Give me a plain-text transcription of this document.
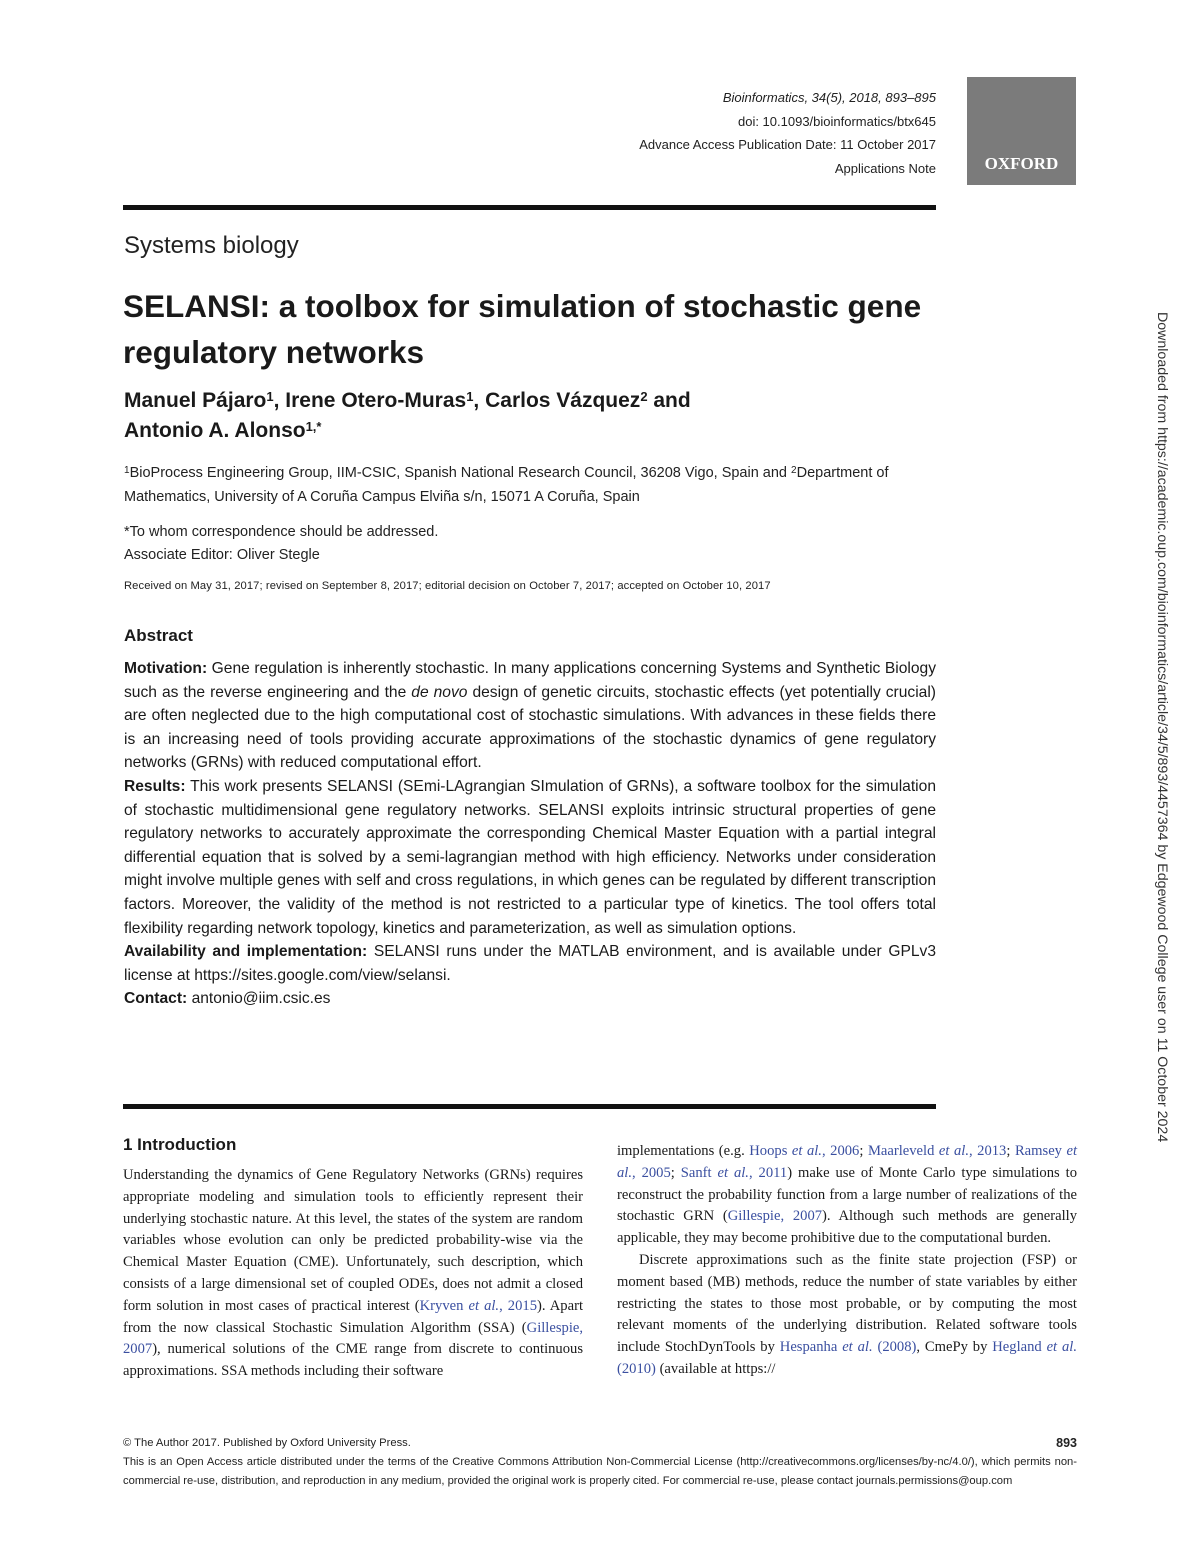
Bioinformatics, 34(5), 2018, 893–895
doi: 10.1093/bioinformatics/btx645
Advance Access Publication Date: 11 October 2017
Applications Note	OXFORD
Systems biology
SELANSI: a toolbox for simulation of stochastic gene regulatory networks
Manuel Pájaro$^1$, Irene Otero-Muras$^1$, Carlos Vázquez$^2$ and
Antonio A. Alonso$^{1,*}$
$^1$BioProcess Engineering Group, IIM-CSIC, Spanish National Research Council, 36208 Vigo, Spain and $^2$Department of Mathematics, University of A Coruña Campus Elviña s/n, 15071 A Coruña, Spain
*To whom correspondence should be addressed.
Associate Editor: Oliver Stegle
Received on May 31, 2017; revised on September 8, 2017; editorial decision on October 7, 2017; accepted on October 10, 2017
Abstract

Motivation: Gene regulation is inherently stochastic. In many applications concerning Systems and Synthetic Biology such as the reverse engineering and the de novo design of genetic circuits, stochastic effects (yet potentially crucial) are often neglected due to the high computational cost of stochastic simulations. With advances in these fields there is an increasing need of tools providing accurate approximations of the stochastic dynamics of gene regulatory networks (GRNs) with reduced computational effort.

Results: This work presents SELANSI (SEmi-LAgrangian SImulation of GRNs), a software toolbox for the simulation of stochastic multidimensional gene regulatory networks. SELANSI exploits intrinsic structural properties of gene regulatory networks to accurately approximate the corresponding Chemical Master Equation with a partial integral differential equation that is solved by a semi-lagrangian method with high efficiency. Networks under consideration might involve multiple genes with self and cross regulations, in which genes can be regulated by different transcription factors. Moreover, the validity of the method is not restricted to a particular type of kinetics. The tool offers total flexibility regarding network topology, kinetics and parameterization, as well as simulation options.

Availability and implementation: SELANSI runs under the MATLAB environment, and is available under GPLv3 license at https://sites.google.com/view/selansi.

Contact: antonio@iim.csic.es

1 Introduction

Understanding the dynamics of Gene Regulatory Networks (GRNs) requires appropriate modeling and simulation tools to efficiently represent their underlying stochastic nature. At this level, the states of the system are random variables whose evolution can only be predicted probability-wise via the Chemical Master Equation (CME). Unfortunately, such description, which consists of a large dimensional set of coupled ODEs, does not admit a closed form solution in most cases of practical interest (Kryven et al., 2015). Apart from the now classical Stochastic Simulation Algorithm (SSA) (Gillespie, 2007), numerical solutions of the CME range from discrete to continuous approximations. SSA methods including their software

implementations (e.g. Hoops et al., 2006; Maarleveld et al., 2013; Ramsey et al., 2005; Sanft et al., 2011) make use of Monte Carlo type simulations to reconstruct the probability function from a large number of realizations of the stochastic GRN (Gillespie, 2007). Although such methods are generally applicable, they may become prohibitive due to the computational burden.

Discrete approximations such as the finite state projection (FSP) or moment based (MB) methods, reduce the number of state variables by either restricting the states to those most probable, or by computing the most relevant moments of the underlying distribution. Related software tools include StochDynTools by Hespanha et al. (2008), CmePy by Hegland et al. (2010) (available at https://

© The Author 2017. Published by Oxford University Press.	893

This is an Open Access article distributed under the terms of the Creative Commons Attribution Non-Commercial License (http://creativecommons.org/licenses/by-nc/4.0/), which permits non-commercial re-use, distribution, and reproduction in any medium, provided the original work is properly cited. For commercial re-use, please contact journals.permissions@oup.com

Downloaded from https://academic.oup.com/bioinformatics/article/34/5/893/4457364 by Edgewood College user on 11 October 2024
